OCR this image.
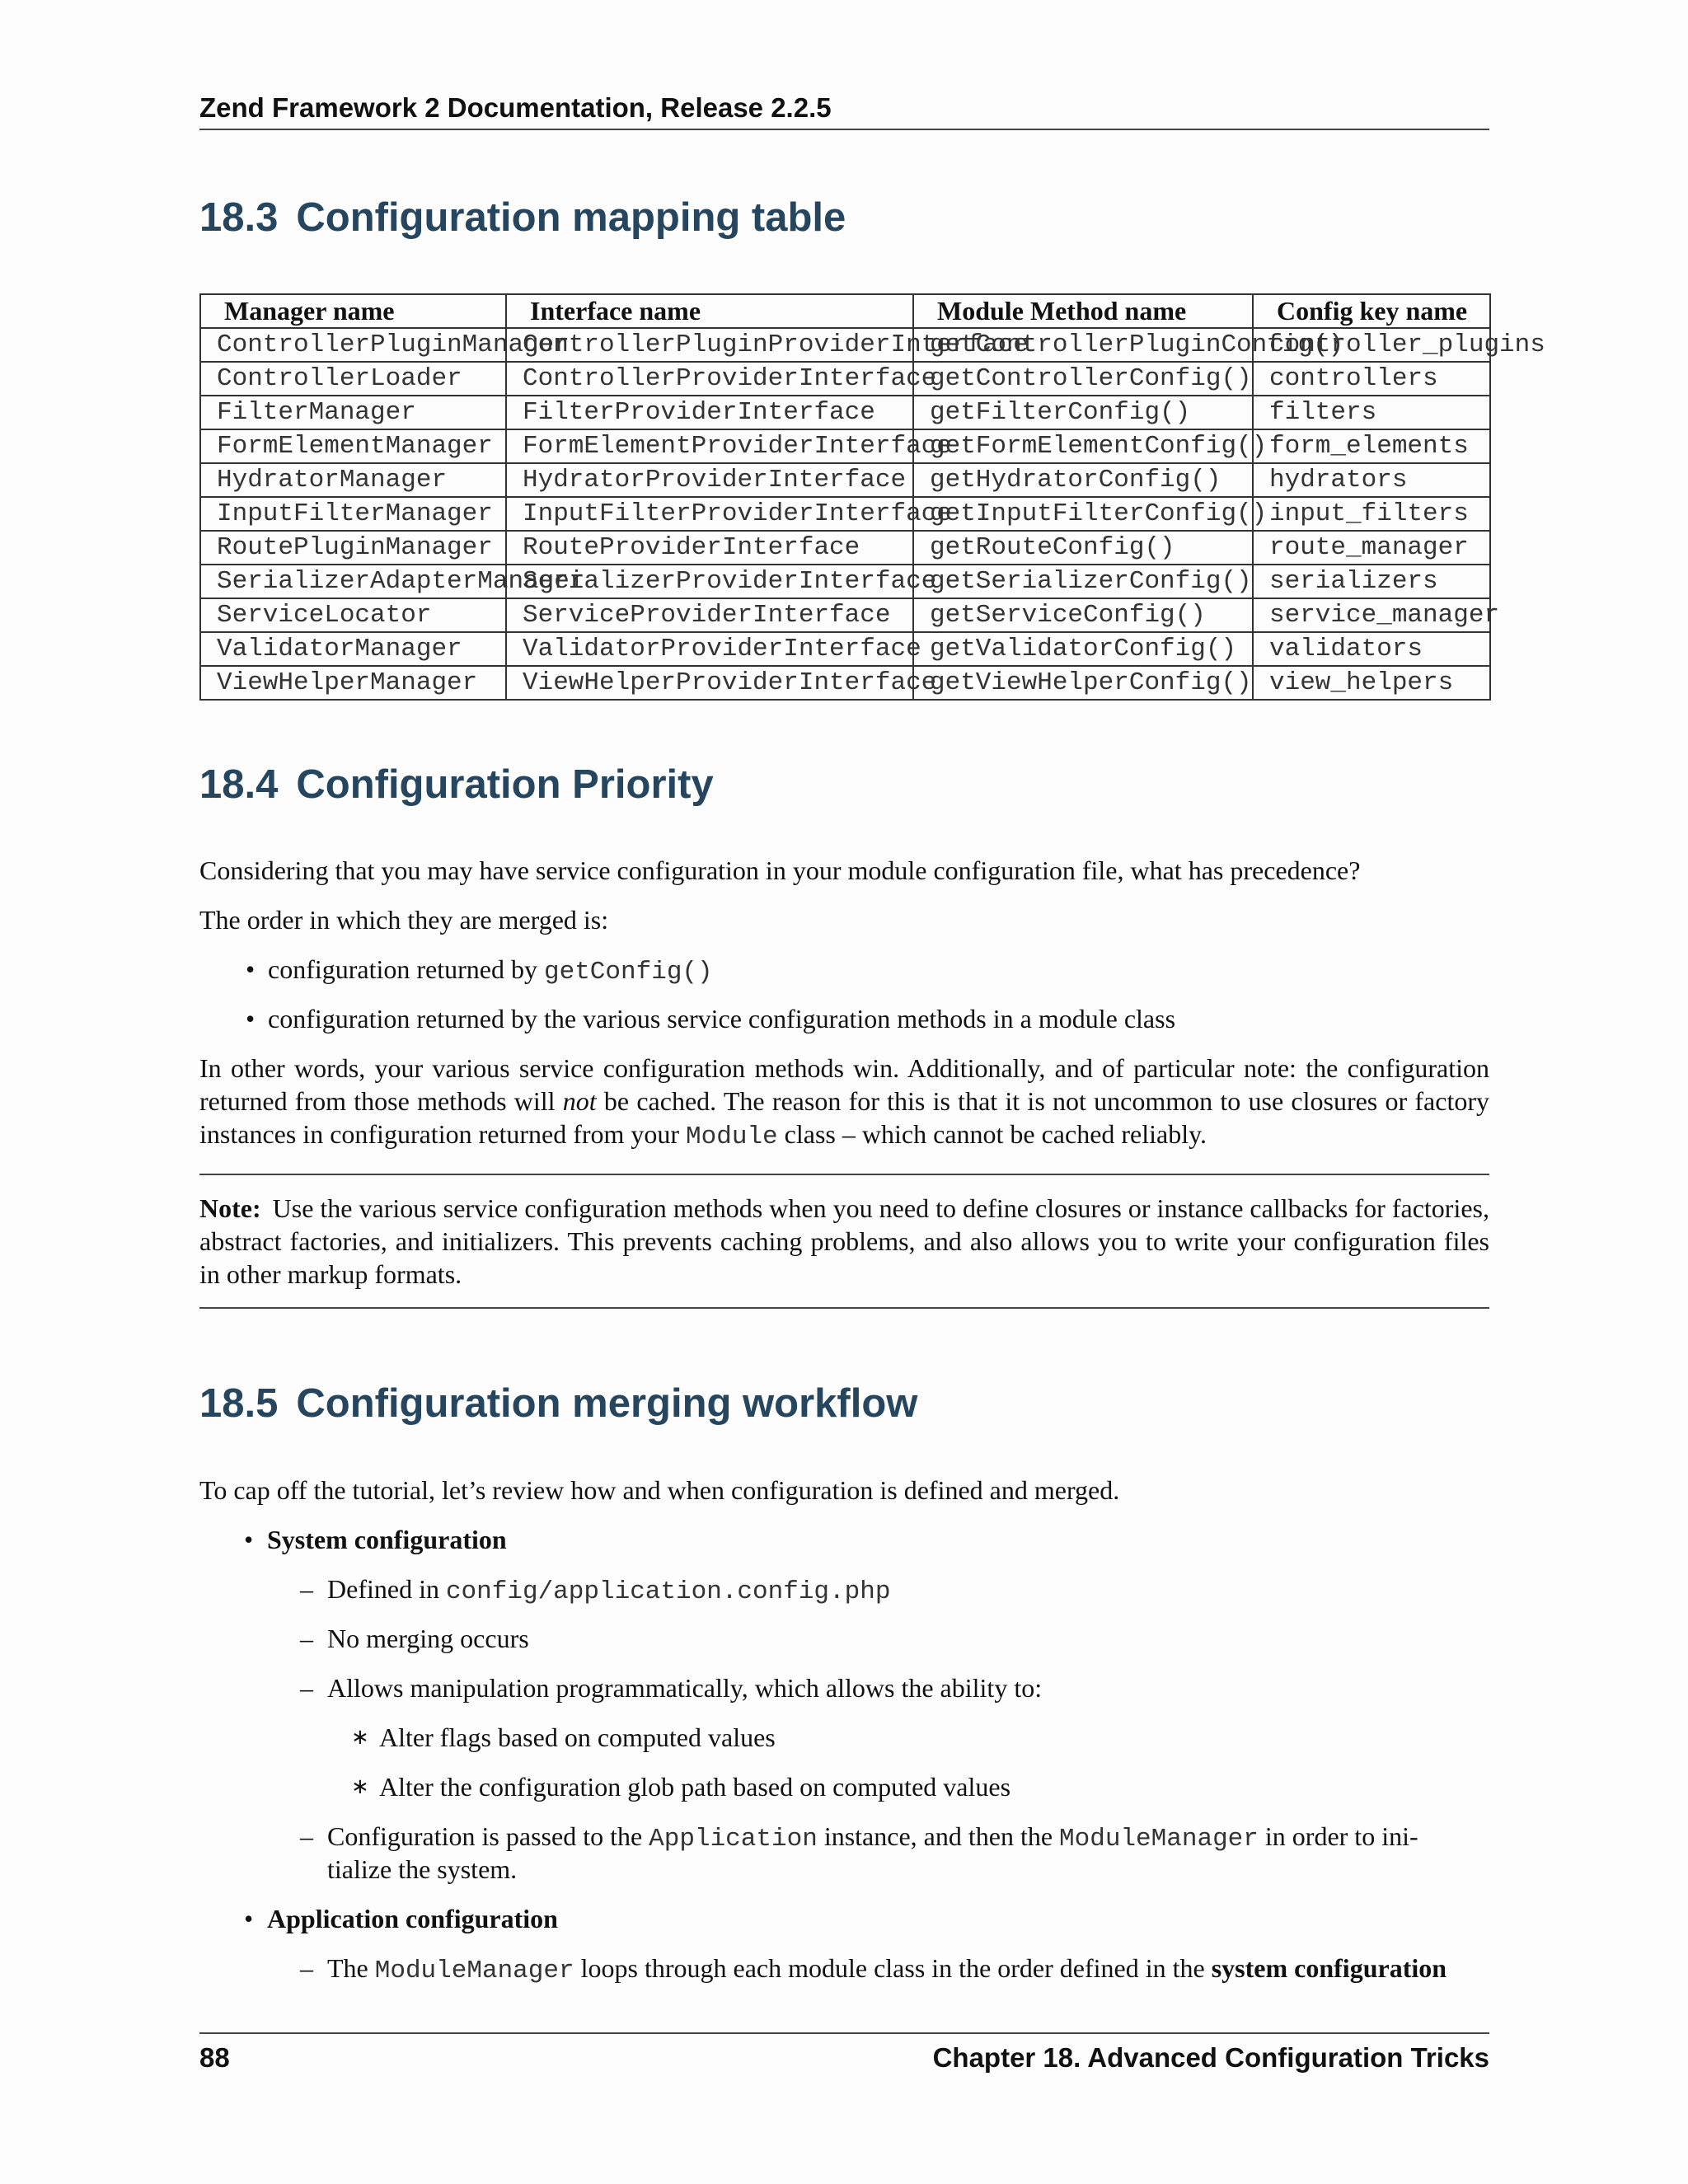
Zend Framework 2 Documentation, Release 2.2.5
18.3 Configuration mapping table
Manager name	Interface name	Module Method name	Config key name
ControllerPluginManager	ControllerPluginProviderInterface	getControllerPluginConfig()	controller_plugins
ControllerLoader	ControllerProviderInterface	getControllerConfig()	controllers
FilterManager	FilterProviderInterface	getFilterConfig()	filters
FormElementManager	FormElementProviderInterface	getFormElementConfig()	form_elements
HydratorManager	HydratorProviderInterface	getHydratorConfig()	hydrators
InputFilterManager	InputFilterProviderInterface	getInputFilterConfig()	input_filters
RoutePluginManager	RouteProviderInterface	getRouteConfig()	route_manager
SerializerAdapterManager	SerializerProviderInterface	getSerializerConfig()	serializers
ServiceLocator	ServiceProviderInterface	getServiceConfig()	service_manager
ValidatorManager	ValidatorProviderInterface	getValidatorConfig()	validators
ViewHelperManager	ViewHelperProviderInterface	getViewHelperConfig()	view_helpers
18.4 Configuration Priority

Considering that you may have service configuration in your module configuration file, what has precedence?

The order in which they are merged is:

• configuration returned by getConfig()
• configuration returned by the various service configuration methods in a module class

In other words, your various service configuration methods win. Additionally, and of particular note: the configuration returned from those methods will not be cached. The reason for this is that it is not uncommon to use closures or factory instances in configuration returned from your Module class – which cannot be cached reliably.

Note: Use the various service configuration methods when you need to define closures or instance callbacks for factories, abstract factories, and initializers. This prevents caching problems, and also allows you to write your configuration files in other markup formats.
18.5 Configuration merging workflow

To cap off the tutorial, let’s review how and when configuration is defined and merged.

• System configuration
– Defined in config/application.config.php
– No merging occurs
– Allows manipulation programmatically, which allows the ability to:
∗ Alter flags based on computed values
∗ Alter the configuration glob path based on computed values
– Configuration is passed to the Application instance, and then the ModuleManager in order to ini-
tialize the system.
• Application configuration
– The ModuleManager loops through each module class in the order defined in the system configuration
88	Chapter 18. Advanced Configuration Tricks
